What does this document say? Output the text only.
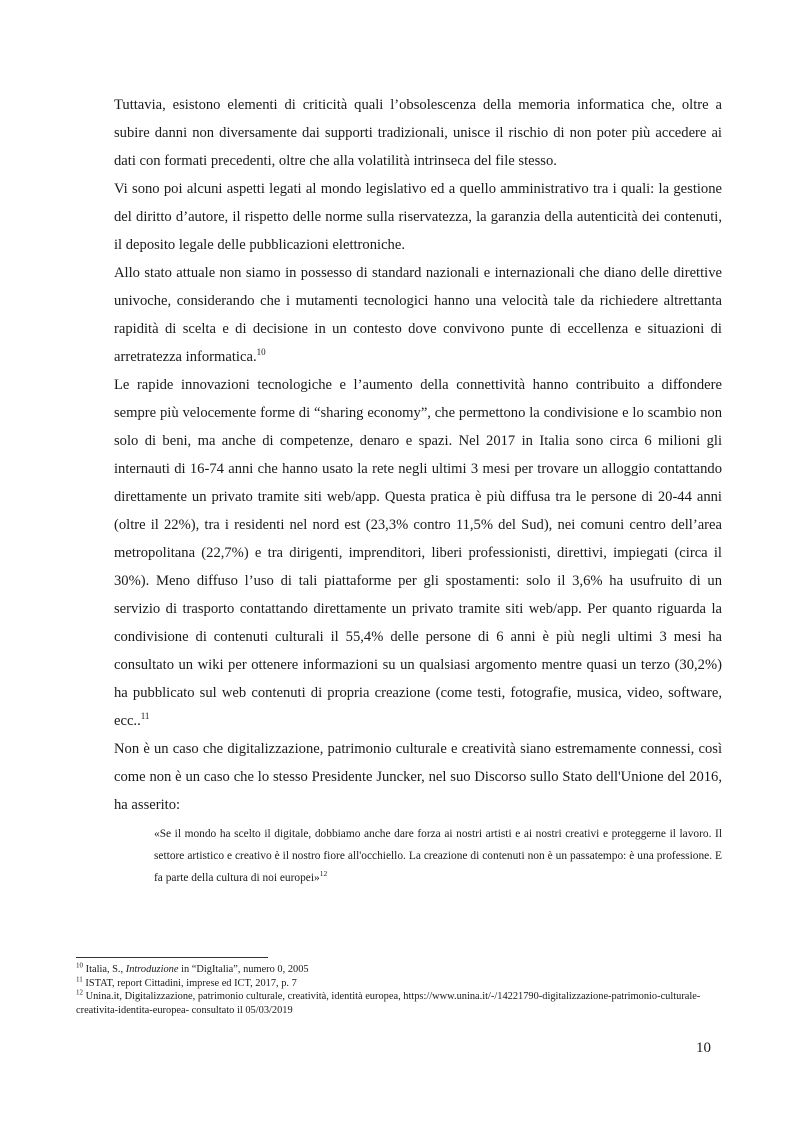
Tuttavia, esistono elementi di criticità quali l’obsolescenza della memoria informatica che, oltre a subire danni non diversamente dai supporti tradizionali, unisce il rischio di non poter più accedere ai dati con formati precedenti, oltre che alla volatilità intrinseca del file stesso.

Vi sono poi alcuni aspetti legati al mondo legislativo ed a quello amministrativo tra i quali: la gestione del diritto d’autore, il rispetto delle norme sulla riservatezza, la garanzia della autenticità dei contenuti, il deposito legale delle pubblicazioni elettroniche.

Allo stato attuale non siamo in possesso di standard nazionali e internazionali che diano delle direttive univoche, considerando che i mutamenti tecnologici hanno una velocità tale da richiedere altrettanta rapidità di scelta e di decisione in un contesto dove convivono punte di eccellenza e situazioni di arretratezza informatica.$^{10}$

Le rapide innovazioni tecnologiche e l’aumento della connettività hanno contribuito a diffondere sempre più velocemente forme di “sharing economy”, che permettono la condivisione e lo scambio non solo di beni, ma anche di competenze, denaro e spazi. Nel 2017 in Italia sono circa 6 milioni gli internauti di 16-74 anni che hanno usato la rete negli ultimi 3 mesi per trovare un alloggio contattando direttamente un privato tramite siti web/app. Questa pratica è più diffusa tra le persone di 20-44 anni (oltre il 22%), tra i residenti nel nord est (23,3% contro 11,5% del Sud), nei comuni centro dell’area metropolitana (22,7%) e tra dirigenti, imprenditori, liberi professionisti, direttivi, impiegati (circa il 30%). Meno diffuso l’uso di tali piattaforme per gli spostamenti: solo il 3,6% ha usufruito di un servizio di trasporto contattando direttamente un privato tramite siti web/app. Per quanto riguarda la condivisione di contenuti culturali il 55,4% delle persone di 6 anni è più negli ultimi 3 mesi ha consultato un wiki per ottenere informazioni su un qualsiasi argomento mentre quasi un terzo (30,2%) ha pubblicato sul web contenuti di propria creazione (come testi, fotografie, musica, video, software, ecc..$^{11}$

Non è un caso che digitalizzazione, patrimonio culturale e creatività siano estremamente connessi, così come non è un caso che lo stesso Presidente Juncker, nel suo Discorso sullo Stato dell'Unione del 2016, ha asserito:

«Se il mondo ha scelto il digitale, dobbiamo anche dare forza ai nostri artisti e ai nostri creativi e proteggerne il lavoro. Il settore artistico e creativo è il nostro fiore all'occhiello. La creazione di contenuti non è un passatempo: è una professione. E fa parte della cultura di noi europei»$^{12}$

$^{10}$ Italia, S., Introduzione in “DigItalia”, numero 0, 2005

$^{11}$ ISTAT, report Cittadini, imprese ed ICT, 2017, p. 7

$^{12}$ Unina.it, Digitalizzazione, patrimonio culturale, creatività, identità europea, https://www.unina.it/-/14221790-digitalizzazione-patrimonio-culturale-creativita-identita-europea- consultato il 05/03/2019

10
